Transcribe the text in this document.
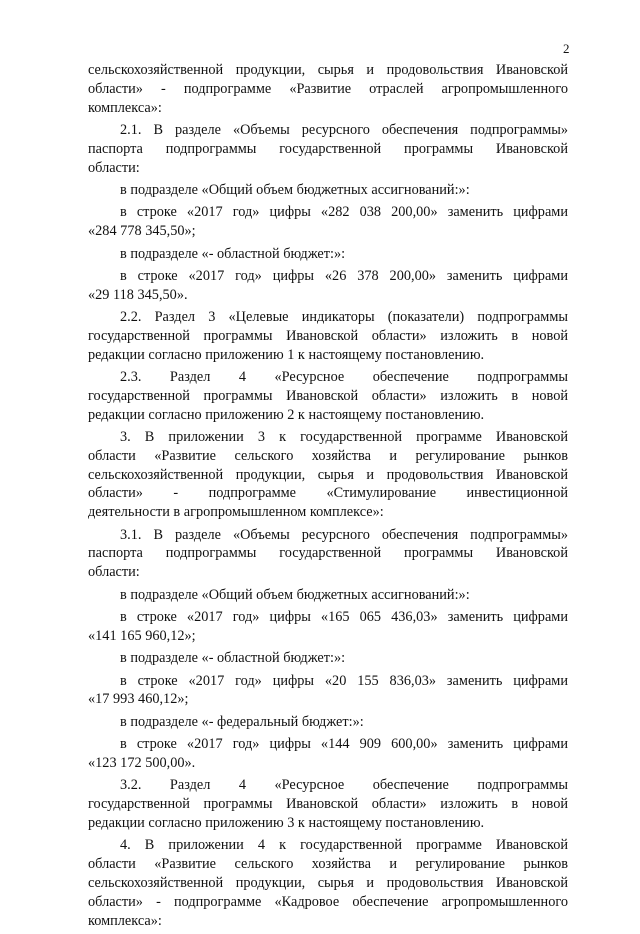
2

сельскохозяйственной продукции, сырья и продовольствия Ивановской
области» - подпрограмме «Развитие отраслей агропромышленного
комплекса»:

2.1. В разделе «Объемы ресурсного обеспечения подпрограммы»
паспорта подпрограммы государственной программы Ивановской
области:

в подразделе «Общий объем бюджетных ассигнований:»:

в строке «2017 год» цифры «282 038 200,00» заменить цифрами
«284 778 345,50»;

в подразделе «- областной бюджет:»:

в строке «2017 год» цифры «26 378 200,00» заменить цифрами
«29 118 345,50».

2.2. Раздел 3 «Целевые индикаторы (показатели) подпрограммы
государственной программы Ивановской области» изложить в новой
редакции согласно приложению 1 к настоящему постановлению.

2.3. Раздел 4 «Ресурсное обеспечение подпрограммы
государственной программы Ивановской области» изложить в новой
редакции согласно приложению 2 к настоящему постановлению.

3. В приложении 3 к государственной программе Ивановской
области «Развитие сельского хозяйства и регулирование рынков
сельскохозяйственной продукции, сырья и продовольствия Ивановской
области» - подпрограмме «Стимулирование инвестиционной
деятельности в агропромышленном комплексе»:

3.1. В разделе «Объемы ресурсного обеспечения подпрограммы»
паспорта подпрограммы государственной программы Ивановской
области:

в подразделе «Общий объем бюджетных ассигнований:»:

в строке «2017 год» цифры «165 065 436,03» заменить цифрами
«141 165 960,12»;

в подразделе «- областной бюджет:»:

в строке «2017 год» цифры «20 155 836,03» заменить цифрами
«17 993 460,12»;

в подразделе «- федеральный бюджет:»:

в строке «2017 год» цифры «144 909 600,00» заменить цифрами
«123 172 500,00».

3.2. Раздел 4 «Ресурсное обеспечение подпрограммы
государственной программы Ивановской области» изложить в новой
редакции согласно приложению 3 к настоящему постановлению.

4. В приложении 4 к государственной программе Ивановской
области «Развитие сельского хозяйства и регулирование рынков
сельскохозяйственной продукции, сырья и продовольствия Ивановской
области» - подпрограмме «Кадровое обеспечение агропромышленного
комплекса»:
